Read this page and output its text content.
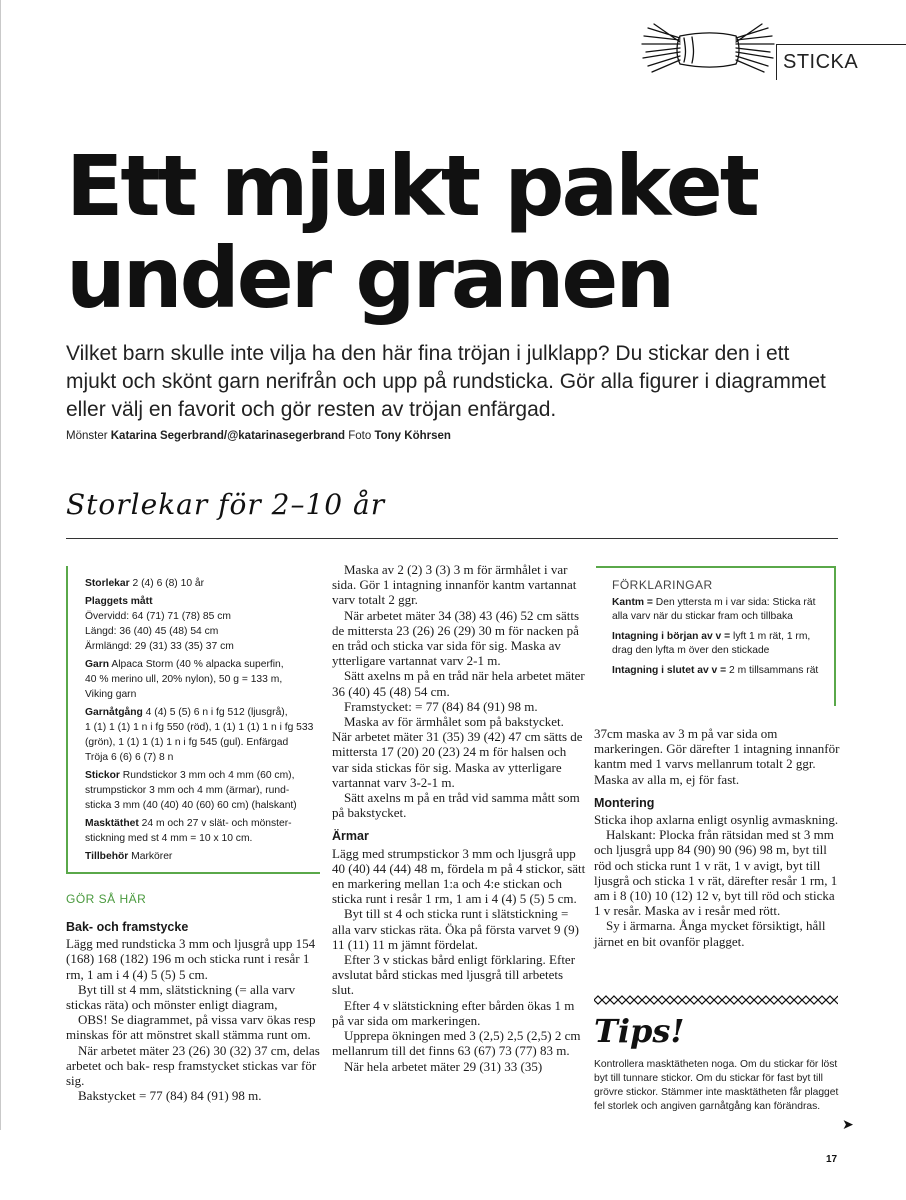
STICKA
Ett mjukt paket
under granen

Vilket barn skulle inte vilja ha den här fina tröjan i julklapp? Du stickar den i ett mjukt och skönt garn nerifrån och upp på rundsticka. Gör alla figurer i diagrammet eller välj en favorit och gör resten av tröjan enfärgad.

Mönster Katarina Segerbrand/@katarinasegerbrand Foto Tony Köhrsen
Storlekar för 2–10 år
Storlekar 2 (4) 6 (8) 10 år
Plaggets mått
Övervidd: 64 (71) 71 (78) 85 cm
Längd: 36 (40) 45 (48) 54 cm
Ärmlängd: 29 (31) 33 (35) 37 cm
Garn Alpaca Storm (40 % alpacka superfin,
40 % merino ull, 20% nylon), 50 g = 133 m,
Viking garn
Garnåtgång 4 (4) 5 (5) 6 n i fg 512 (ljusgrå),
1 (1) 1 (1) 1 n i fg 550 (röd), 1 (1) 1 (1) 1 n i fg 533
(grön), 1 (1) 1 (1) 1 n i fg 545 (gul). Enfärgad
Tröja 6 (6) 6 (7) 8 n
Stickor Rundstickor 3 mm och 4 mm (60 cm),
strumpstickor 3 mm och 4 mm (ärmar), rund-
sticka 3 mm (40 (40) 40 (60) 60 cm) (halskant)
Masktäthet 24 m och 27 v slät- och mönster-
stickning med st 4 mm = 10 x 10 cm.
Tillbehör Markörer
GÖR SÅ HÄR
Bak- och framstycke

Lägg med rundsticka 3 mm och ljusgrå upp 154 (168) 168 (182) 196 m och sticka runt i resår 1 rm, 1 am i 4 (4) 5 (5) 5 cm.

Byt till st 4 mm, slätstickning (= alla varv stickas räta) och mönster enligt diagram,

OBS! Se diagrammet, på vissa varv ökas resp minskas för att mönstret skall stämma runt om.

När arbetet mäter 23 (26) 30 (32) 37 cm, delas arbetet och bak- resp framstycket stickas var för sig.

Bakstycket = 77 (84) 84 (91) 98 m.

Maska av 2 (2) 3 (3) 3 m för ärmhålet i var sida. Gör 1 intagning innanför kantm vartannat varv totalt 2 ggr.

När arbetet mäter 34 (38) 43 (46) 52 cm sätts de mittersta 23 (26) 26 (29) 30 m för nacken på en tråd och sticka var sida för sig. Maska av ytterligare vartannat varv 2-1 m.

Sätt axelns m på en tråd när hela arbetet mäter 36 (40) 45 (48) 54 cm.

Framstycket: = 77 (84) 84 (91) 98 m.

Maska av för ärmhålet som på bakstycket. När arbetet mäter 31 (35) 39 (42) 47 cm sätts de mittersta 17 (20) 20 (23) 24 m för halsen och var sida stickas för sig. Maska av ytterligare vartannat varv 3-2-1 m.

Sätt axelns m på en tråd vid samma mått som på bakstycket.

Ärmar

Lägg med strumpstickor 3 mm och ljusgrå upp 40 (40) 44 (44) 48 m, fördela m på 4 stickor, sätt en markering mellan 1:a och 4:e stickan och sticka runt i resår 1 rm, 1 am i 4 (4) 5 (5) 5 cm.

Byt till st 4 och sticka runt i slätstickning = alla varv stickas räta. Öka på första varvet 9 (9) 11 (11) 11 m jämnt fördelat.

Efter 3 v stickas bård enligt förklaring. Efter avslutat bård stickas med ljusgrå till arbetets slut.

Efter 4 v slätstickning efter bården ökas 1 m på var sida om markeringen.

Upprepa ökningen med 3 (2,5) 2,5 (2,5) 2 cm mellanrum till det finns 63 (67) 73 (77) 83 m.

När hela arbetet mäter 29 (31) 33 (35)

FÖRKLARINGAR
Kantm = Den yttersta m i var sida: Sticka rät alla varv när du stickar fram och tillbaka
Intagning i början av v = lyft 1 m rät, 1 rm, drag den lyfta m över den stickade
Intagning i slutet av v = 2 m tillsammans rät

37cm maska av 3 m på var sida om markeringen. Gör därefter 1 intagning innanför kantm med 1 varvs mellanrum totalt 2 ggr. Maska av alla m, ej för fast.

Montering

Sticka ihop axlarna enligt osynlig avmaskning.

Halskant: Plocka från rätsidan med st 3 mm och ljusgrå upp 84 (90) 90 (96) 98 m, byt till röd och sticka runt 1 v rät, 1 v avigt, byt till ljusgrå och sticka 1 v rät, därefter resår 1 rm, 1 am i 8 (10) 10 (12) 12 v, byt till röd och sticka 1 v resår. Maska av i resår med rött.

Sy i ärmarna. Ånga mycket försiktigt, håll järnet en bit ovanför plagget.

Tips!

Kontrollera masktätheten noga. Om du stickar för löst byt till tunnare stickor. Om du stickar för fast byt till grövre stickor. Stämmer inte masktätheten får plagget fel storlek och angiven garnåtgång kan förändras.

➤
17
